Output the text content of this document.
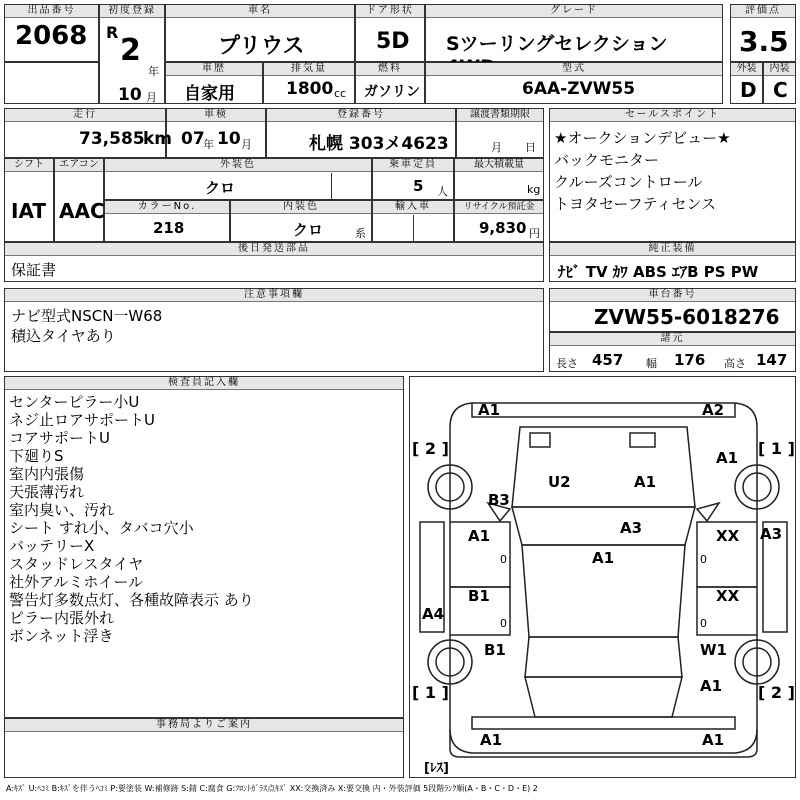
出品番号
2068
初度登録
R
2
年
10 月
車名
プリウス
ドア形状
5D
グレード
Sツーリングセレクション
評価点
3.5
車歴
自家用
排気量
1800 cc
燃料
ガソリン
型式
6AA-ZVW55
外装
D
内装
C
走行
73,585
km
車検
07
年 10 月
登録番号
札幌 303メ4623
譲渡書類期限
月 日
シフト
IAT
エアコン
AAC
外装色
クロ
乗車定員
5 人
最大積載量
kg
カラーNo.
218
内装色
クロ	系
輸入車	リサイクル預託金
9,830 円
後日発送部品
保証書
セールスポイント
★オークションデビュー★
バックモニター
クルーズコントロール
トヨタセーフティセンス
純正装備
ﾅﾋﾞ TV ｶﾜ ABS ｴｱB PS PW
注意事項欄
ナビ型式NSCN一W68
積込タイヤあり
車台番号
ZVW55-6018276
諸元
長さ 457 幅 176 高さ 147
検査員記入欄
センターピラー小U
ネジ止ロアサポートU
コアサポートU
下廻りS
室内内張傷
天張薄汚れ
室内臭い、汚れ
シート すれ小、タバコ穴小
バッテリーX
スタッドレスタイヤ
社外アルミホイール
警告灯多数点灯、各種故障表示 あり
ピラー内張外れ
ボンネット浮き
事務局よりご案内
A1	A2
[ 2 ]	[ 1 ]
A1
U2	A1
B3
A3	A3
A1	XX
0	0
A1
B1	XX
0	0
A4
B1	W1
[ 1 ]	A1 [ 2 ]
A1	A1
[ﾚｽ]
A:ｷｽﾞ U:ﾍｺﾐ B:ｷｽﾞを伴うﾍｺﾐ P:要塗装 W:補修跡 S:錆 C:腐食 G:ﾌﾛﾝﾄｶﾞﾗｽ点ｷｽﾞ XX:交換済み X:要交換 内・外装評価 5段階ﾗﾝｸ順(A・B・C・D・E) 2
